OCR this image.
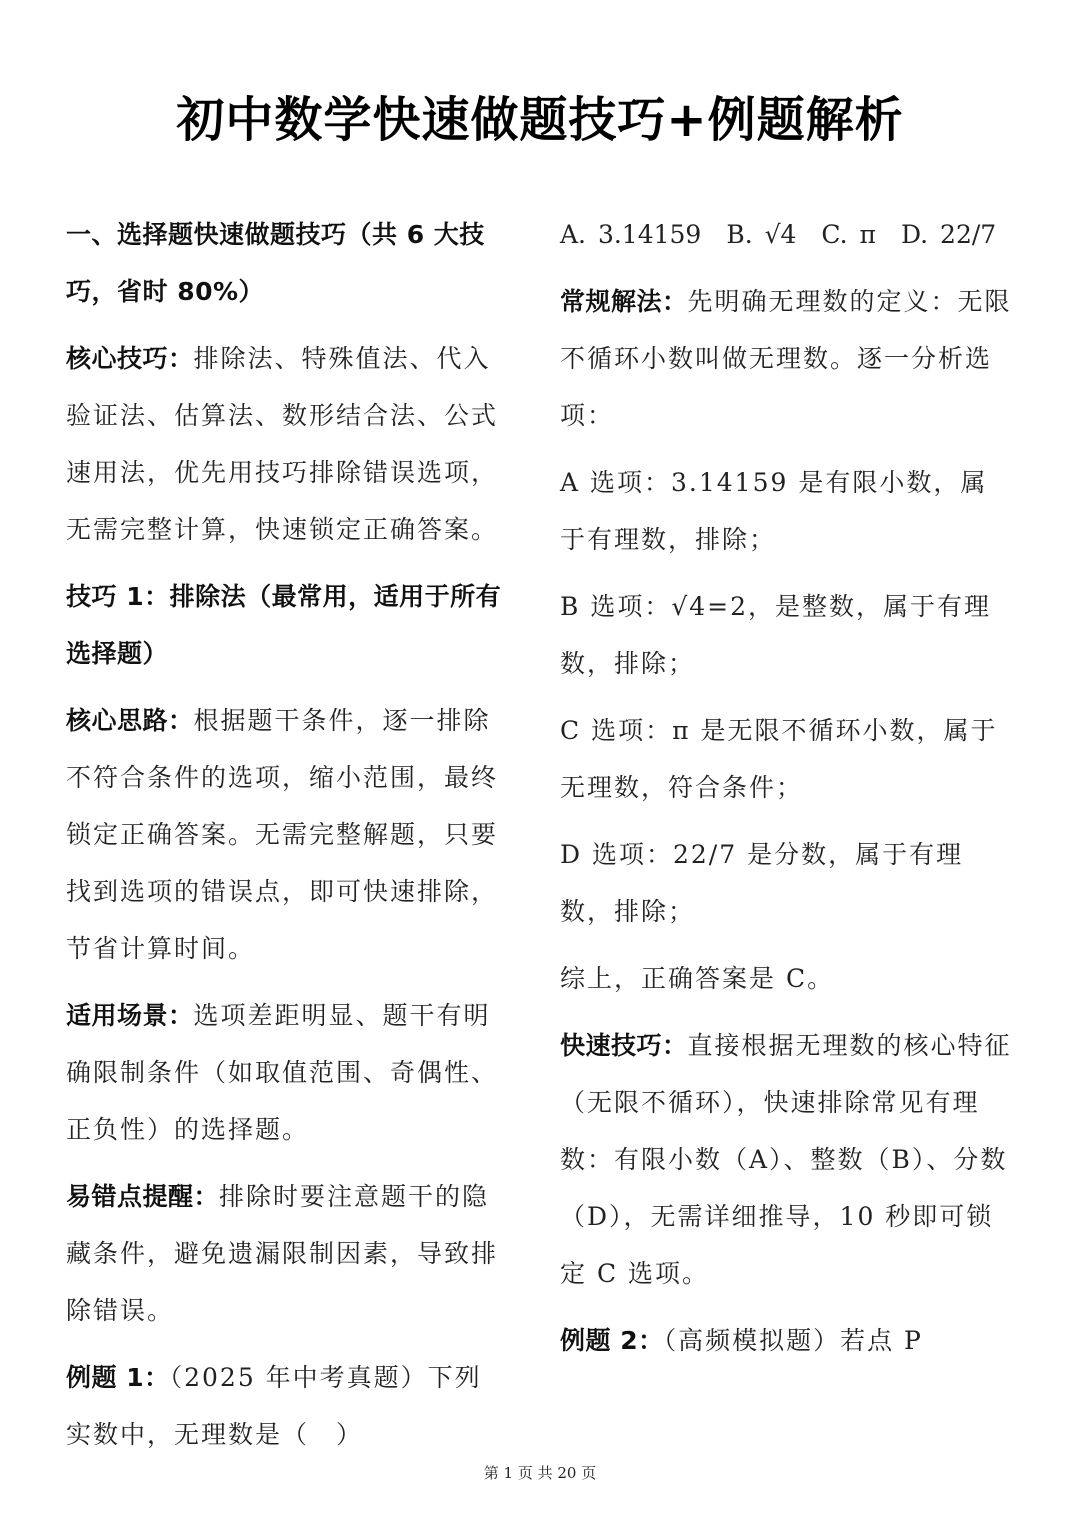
初中数学快速做题技巧+例题解析

一、选择题快速做题技巧（共 6 大技巧，省时 80%）

核心技巧：排除法、特殊值法、代入验证法、估算法、数形结合法、公式速用法，优先用技巧排除错误选项，无需完整计算，快速锁定正确答案。

技巧 1：排除法（最常用，适用于所有选择题）

核心思路：根据题干条件，逐一排除不符合条件的选项，缩小范围，最终锁定正确答案。无需完整解题，只要找到选项的错误点，即可快速排除，节省计算时间。

适用场景：选项差距明显、题干有明确限制条件（如取值范围、奇偶性、正负性）的选择题。

易错点提醒：排除时要注意题干的隐藏条件，避免遗漏限制因素，导致排除错误。

例题 1：（2025 年中考真题）下列实数中，无理数是（　）

A. 3.14159　B. √4　C. π　D. 22/7

常规解法：先明确无理数的定义：无限不循环小数叫做无理数。逐一分析选项：

A 选项：3.14159 是有限小数，属于有理数，排除；

B 选项：√4=2，是整数，属于有理数，排除；

C 选项：π 是无限不循环小数，属于无理数，符合条件；

D 选项：22/7 是分数，属于有理数，排除；

综上，正确答案是 C。

快速技巧：直接根据无理数的核心特征（无限不循环），快速排除常见有理数：有限小数（A）、整数（B）、分数（D），无需详细推导，10 秒即可锁定 C 选项。

例题 2：（高频模拟题）若点 P

第 1 页 共 20 页
